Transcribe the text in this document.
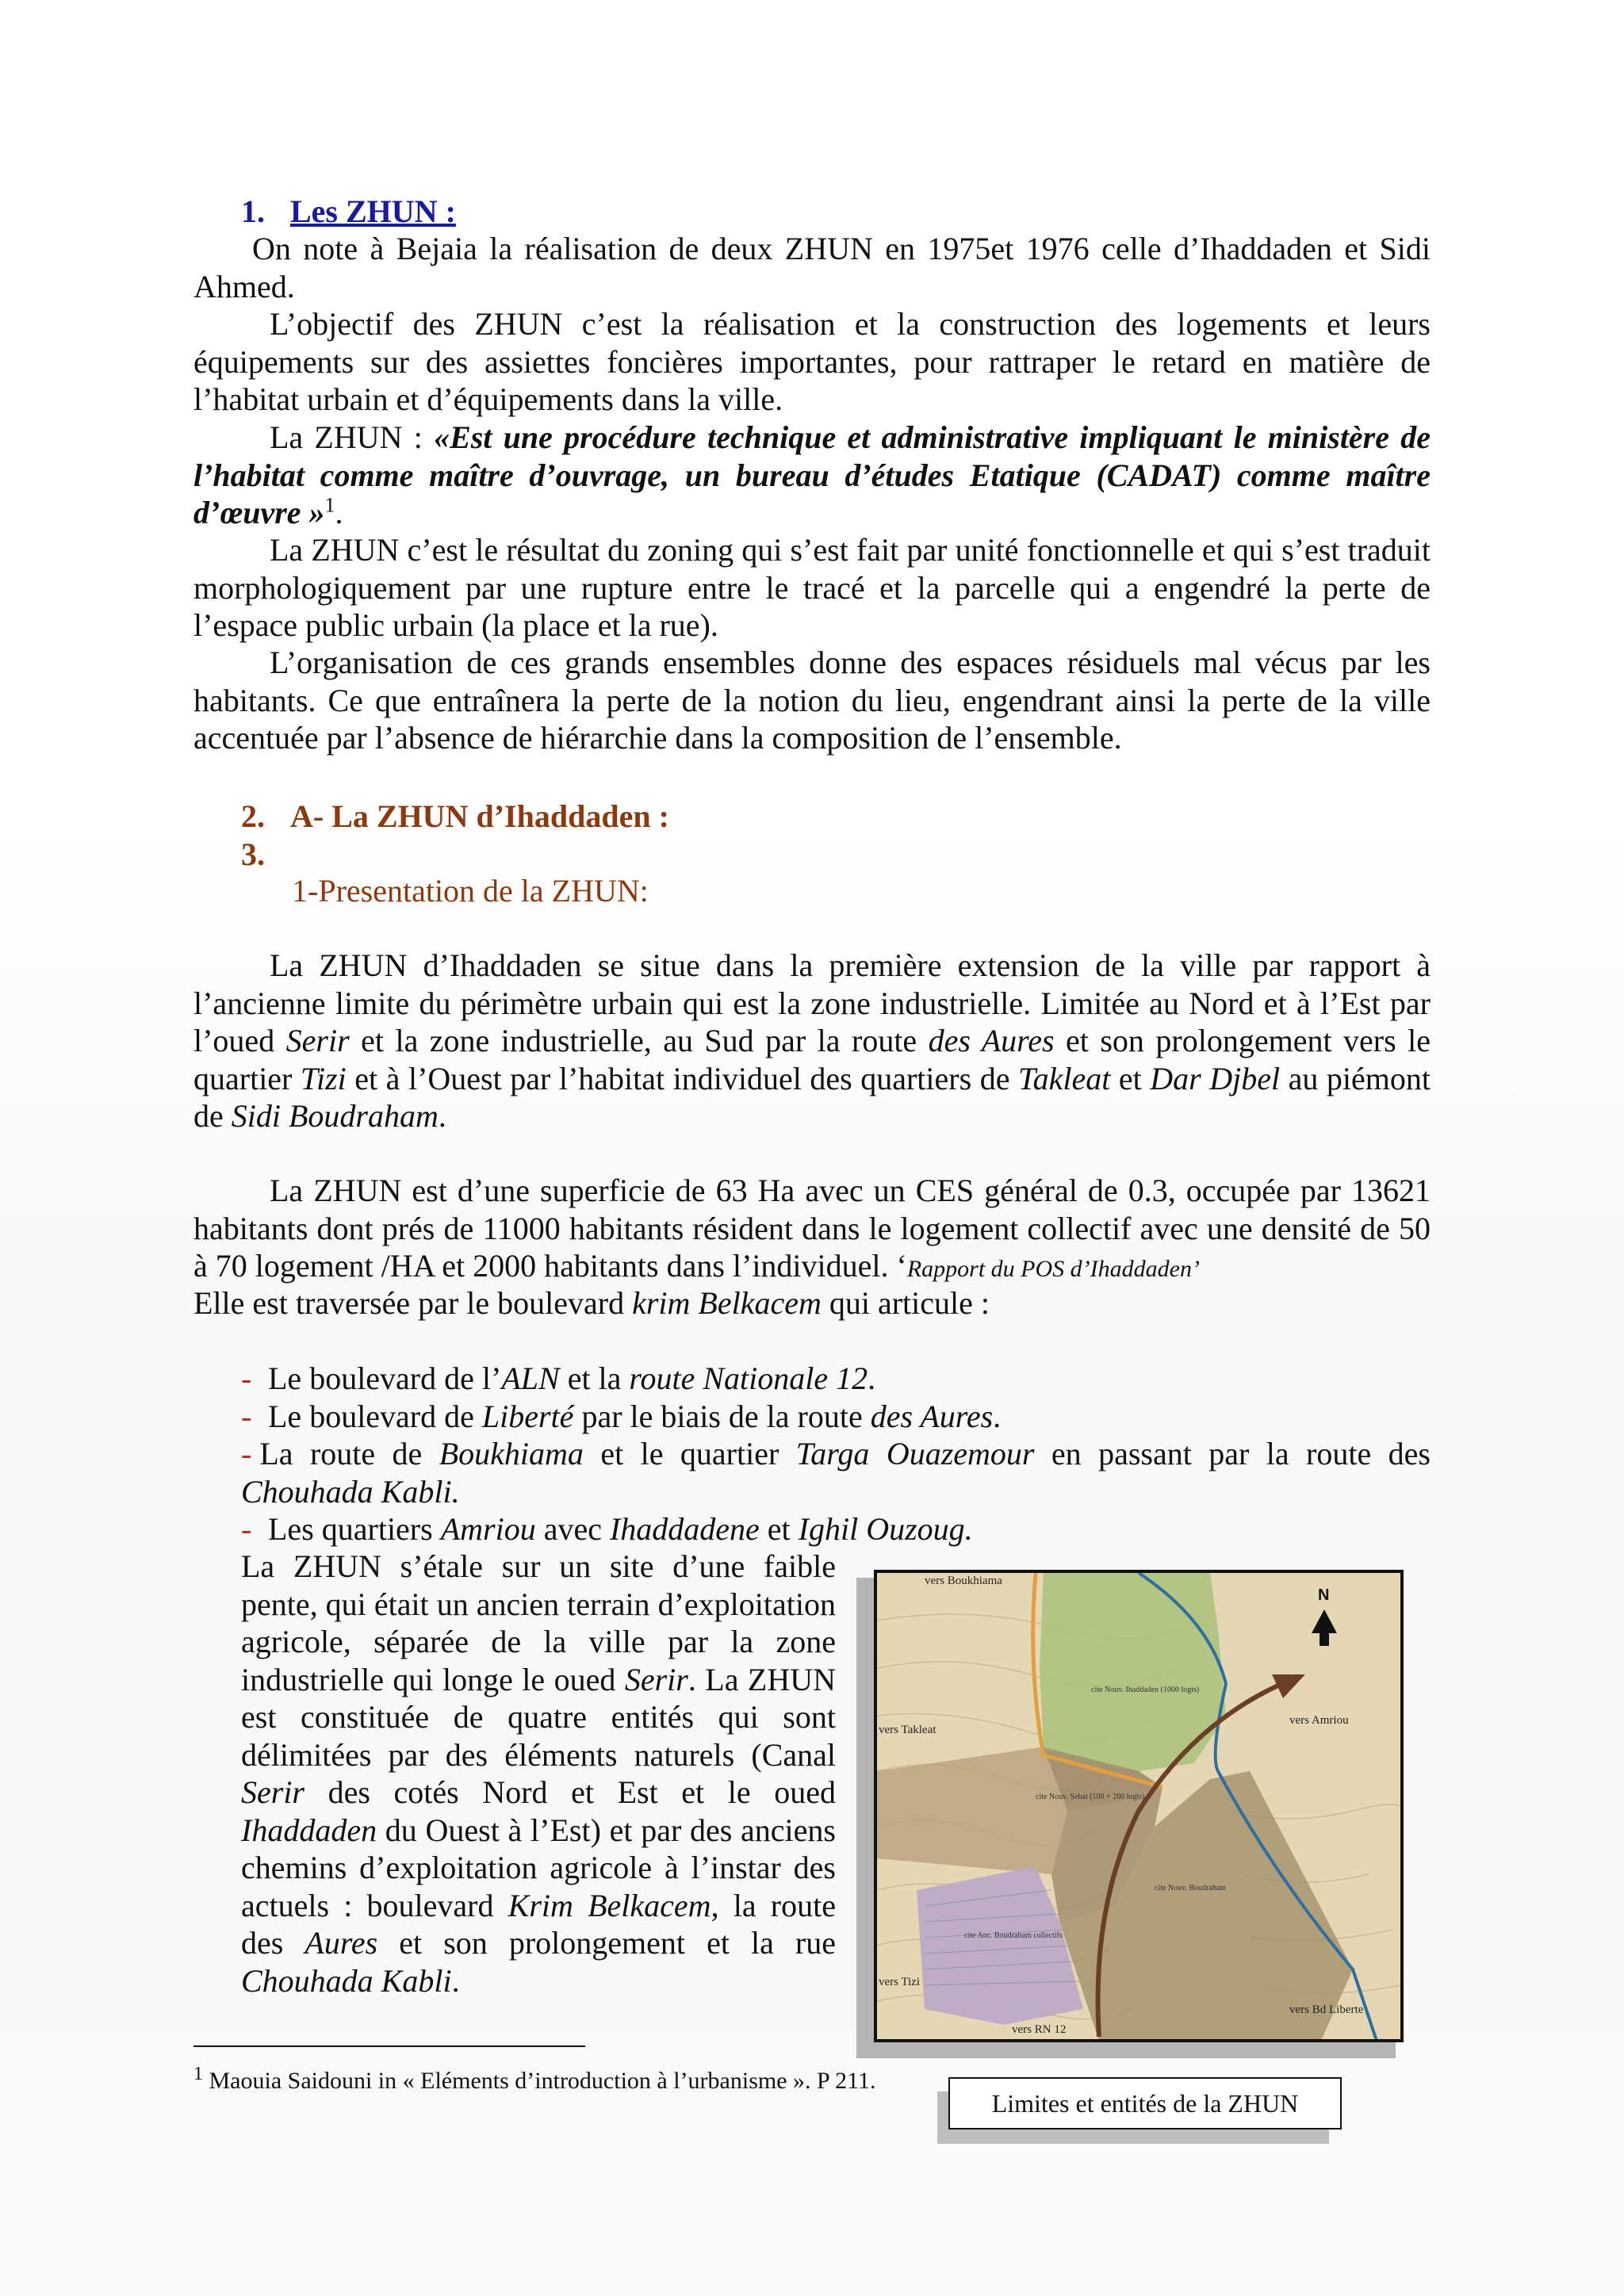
1. Les ZHUN :
On note à Bejaia la réalisation de deux ZHUN en 1975et 1976 celle d’Ihaddaden et Sidi Ahmed.
L’objectif des ZHUN c’est la réalisation et la construction des logements et leurs équipements sur des assiettes foncières importantes, pour rattraper le retard en matière de l’habitat urbain et d’équipements dans la ville.
La ZHUN : «Est une procédure technique et administrative impliquant le ministère de l’habitat comme maître d’ouvrage, un bureau d’études Etatique (CADAT) comme maître d’œuvre »$^1$.
La ZHUN c’est le résultat du zoning qui s’est fait par unité fonctionnelle et qui s’est traduit morphologiquement par une rupture entre le tracé et la parcelle qui a engendré la perte de l’espace public urbain (la place et la rue).
L’organisation de ces grands ensembles donne des espaces résiduels mal vécus par les habitants. Ce que entraînera la perte de la notion du lieu, engendrant ainsi la perte de la ville accentuée par l’absence de hiérarchie dans la composition de l’ensemble.
2. A- La ZHUN d’Ihaddaden :
3.
1-Presentation de la ZHUN:
La ZHUN d’Ihaddaden se situe dans la première extension de la ville par rapport à l’ancienne limite du périmètre urbain qui est la zone industrielle. Limitée au Nord et à l’Est par l’oued Serir et la zone industrielle, au Sud par la route des Aures et son prolongement vers le quartier Tizi et à l’Ouest par l’habitat individuel des quartiers de Takleat et Dar Djbel au piémont de Sidi Boudraham.
La ZHUN est d’une superficie de 63 Ha avec un CES général de 0.3, occupée par 13621 habitants dont prés de 11000 habitants résident dans le logement collectif avec une densité de 50 à 70 logement /HA et 2000 habitants dans l’individuel. ‘Rapport du POS d’Ihaddaden’
Elle est traversée par le boulevard krim Belkacem qui articule :
- Le boulevard de l’ALN et la route Nationale 12.
- Le boulevard de Liberté par le biais de la route des Aures.
- La route de Boukhiama et le quartier Targa Ouazemour en passant par la route des Chouhada Kabli.
- Les quartiers Amriou avec Ihaddadene et Ighil Ouzoug.
La ZHUN s’étale sur un site d’une faible pente, qui était un ancien terrain d’exploitation agricole, séparée de la ville par la zone industrielle qui longe le oued Serir. La ZHUN est constituée de quatre entités qui sont délimitées par des éléments naturels (Canal Serir des cotés Nord et Est et le oued Ihaddaden du Ouest à l’Est) et par des anciens chemins d’exploitation agricole à l’instar des actuels : boulevard Krim Belkacem, la route des Aures et son prolongement et la rue Chouhada Kabli.
N
vers Boukhiama
vers Takleat
vers Amriou
vers Tizi
vers RN 12
vers Bd Liberte
cite Nouv. Ihaddaden (1000 logts)
cite Nouv. Sebat (100 + 200 logts)
cite Nouv. Boudraham
cite Anc. Boudraham collectifs
Limites et entités de la ZHUN
$^1$ Maouia Saidouni in « Eléments d’introduction à l’urbanisme ». P 211.
